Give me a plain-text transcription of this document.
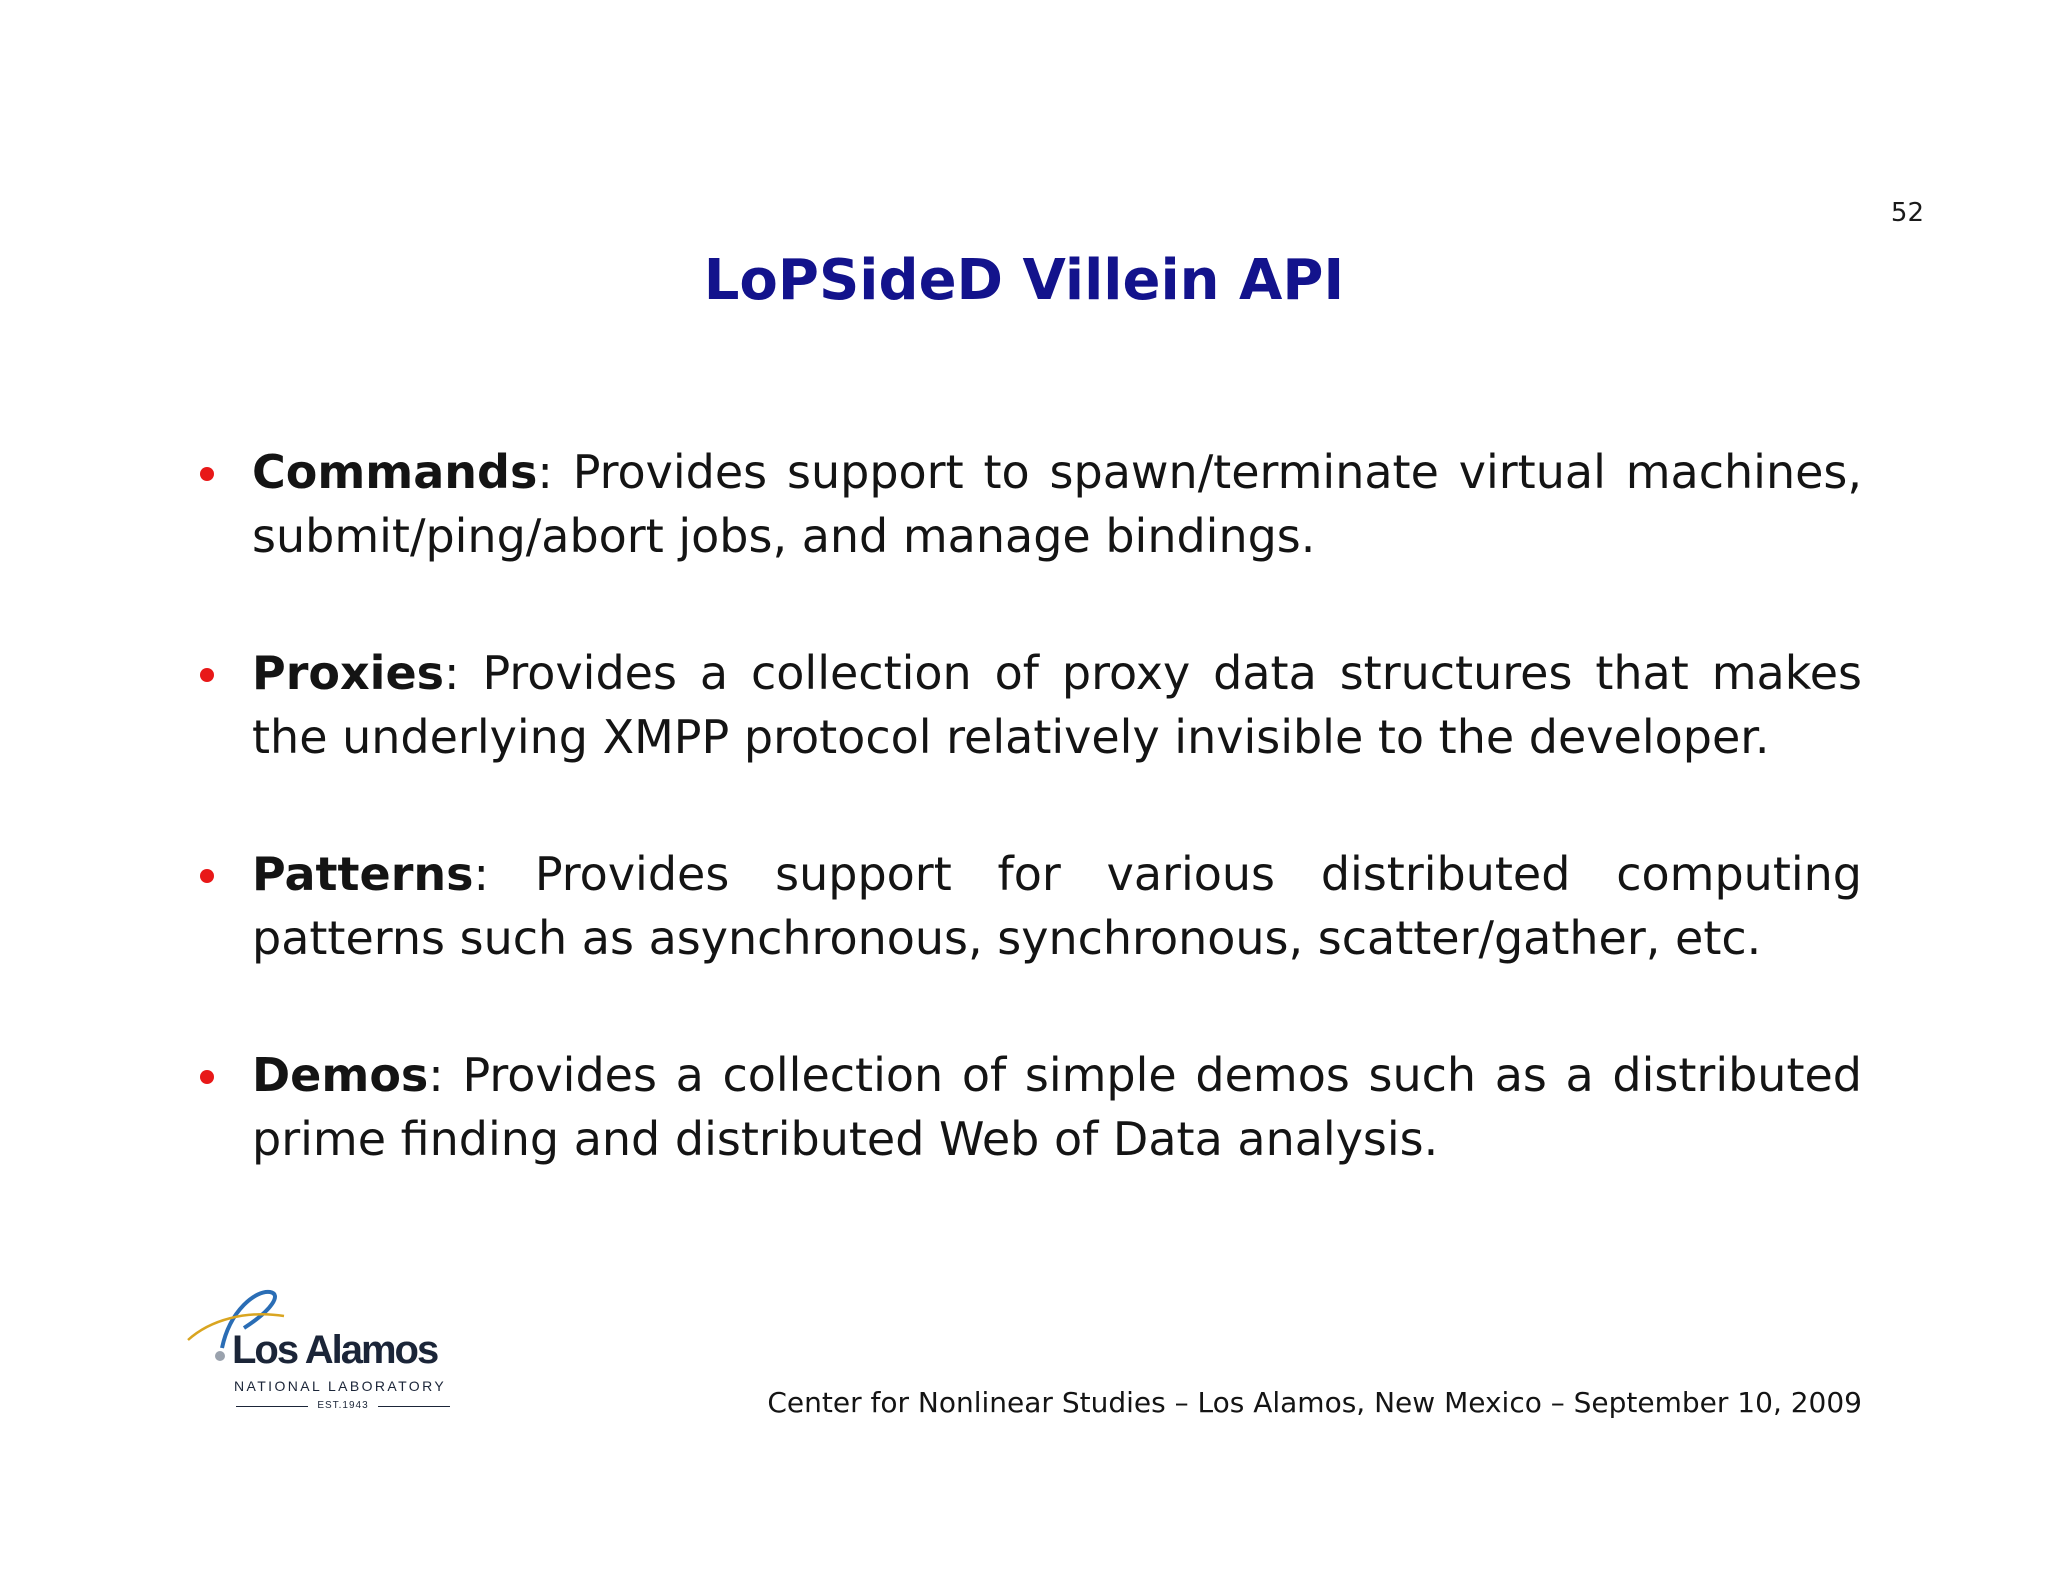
52
LoPSideD Villein API
Commands: Provides support to spawn/terminate virtual machines, submit/ping/abort jobs, and manage bindings.
Proxies: Provides a collection of proxy data structures that makes the underlying XMPP protocol relatively invisible to the developer.
Patterns: Provides support for various distributed computing patterns such as asynchronous, synchronous, scatter/gather, etc.
Demos: Provides a collection of simple demos such as a distributed prime finding and distributed Web of Data analysis.
Los Alamos
NATIONAL LABORATORY
EST.1943	Center for Nonlinear Studies – Los Alamos, New Mexico – September 10, 2009
